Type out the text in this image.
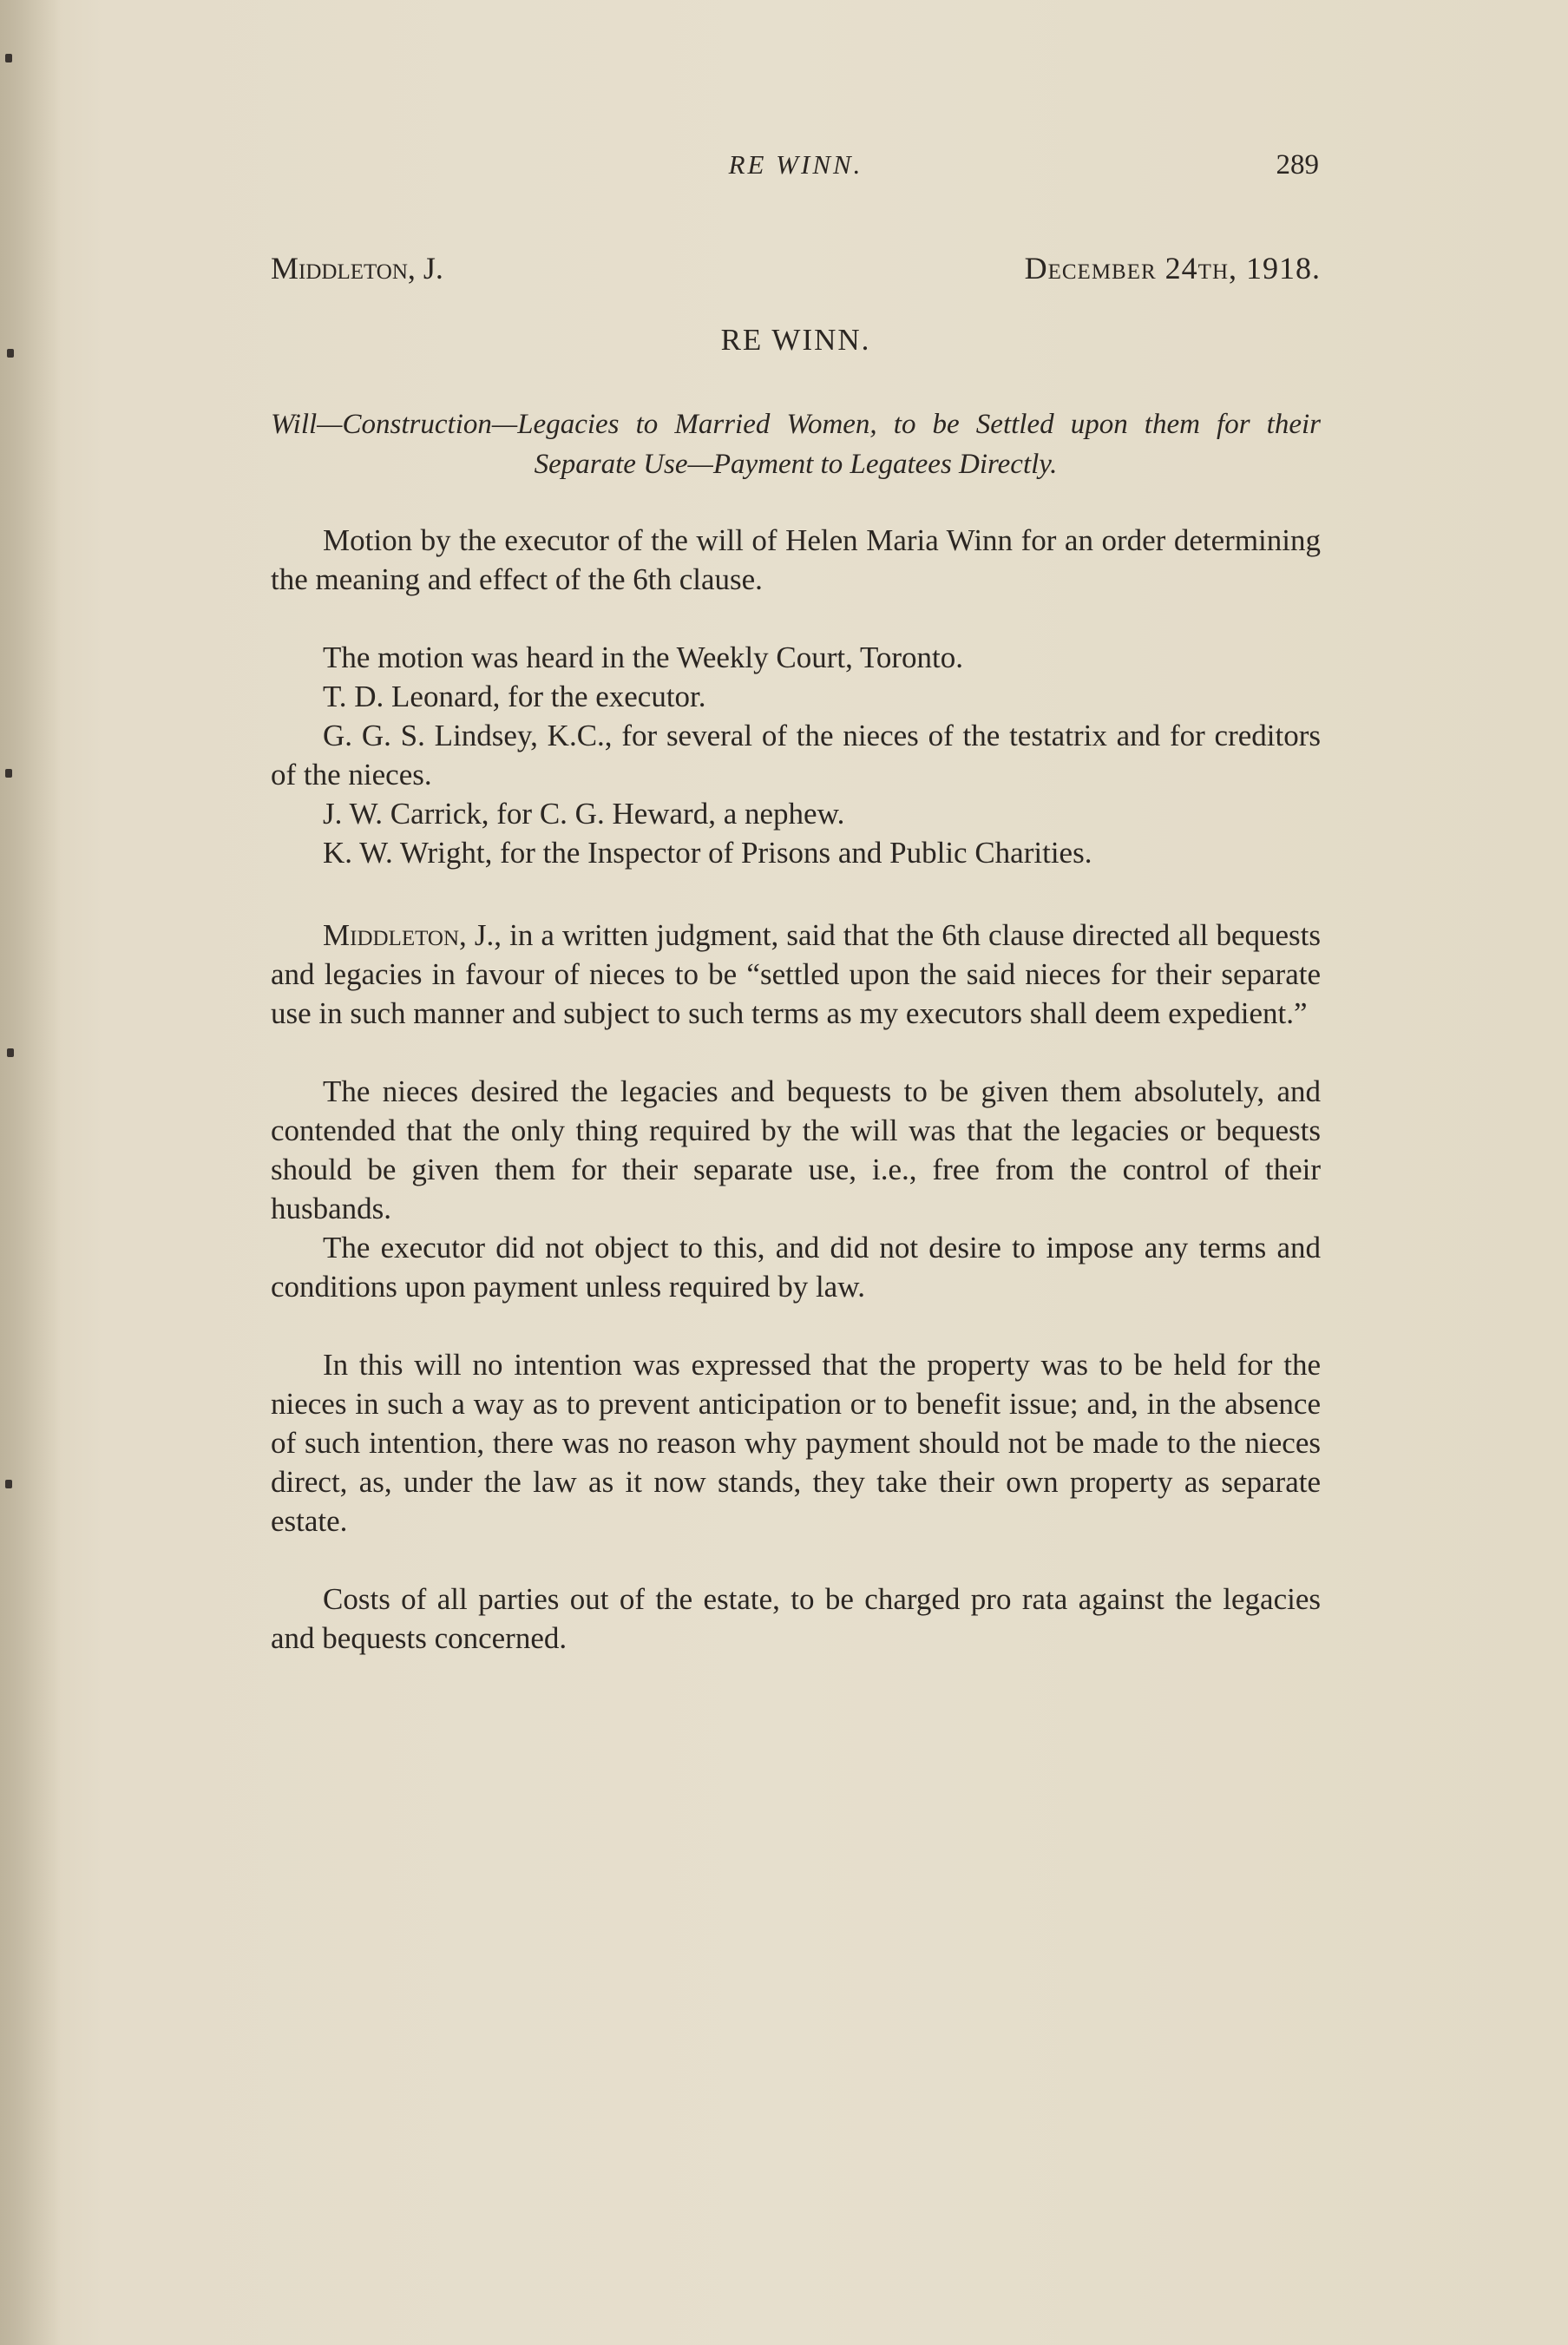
RE WINN.	289
Middleton, J.	December 24th, 1918.
RE WINN.
Will—Construction—Legacies to Married Women, to be Settled upon them for their Separate Use—Payment to Legatees Directly.

Motion by the executor of the will of Helen Maria Winn for an order determining the meaning and effect of the 6th clause.

The motion was heard in the Weekly Court, Toronto.

T. D. Leonard, for the executor.

G. G. S. Lindsey, K.C., for several of the nieces of the testatrix and for creditors of the nieces.

J. W. Carrick, for C. G. Heward, a nephew.

K. W. Wright, for the Inspector of Prisons and Public Charities.

Middleton, J., in a written judgment, said that the 6th clause directed all bequests and legacies in favour of nieces to be “settled upon the said nieces for their separate use in such manner and subject to such terms as my executors shall deem expedient.”

The nieces desired the legacies and bequests to be given them absolutely, and contended that the only thing required by the will was that the legacies or bequests should be given them for their separate use, i.e., free from the control of their husbands.

The executor did not object to this, and did not desire to impose any terms and conditions upon payment unless required by law.

In this will no intention was expressed that the property was to be held for the nieces in such a way as to prevent anticipation or to benefit issue; and, in the absence of such intention, there was no reason why payment should not be made to the nieces direct, as, under the law as it now stands, they take their own property as separate estate.

Costs of all parties out of the estate, to be charged pro rata against the legacies and bequests concerned.
